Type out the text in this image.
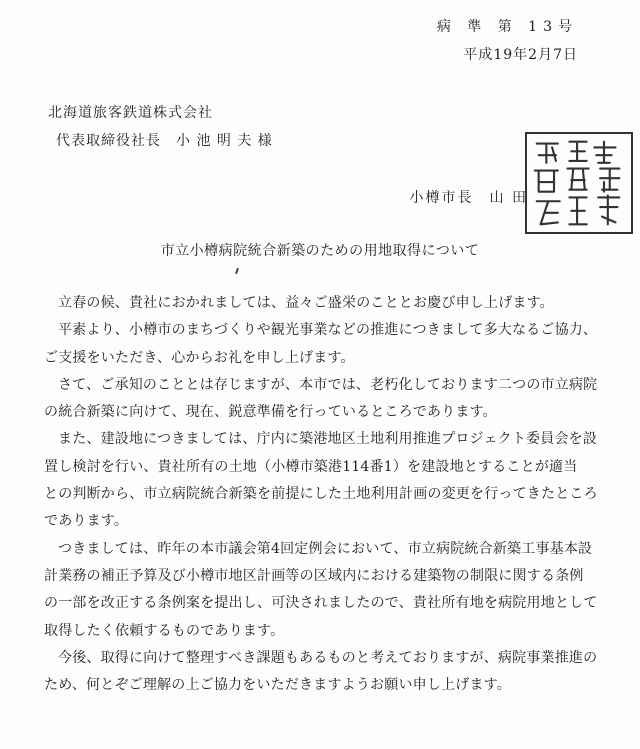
病 準 第 13号
平成19年2月7日
北海道旅客鉄道株式会社
代表取締役社長　小 池 明 夫 様
小樽市長　山 田
市立小樽病院統合新築のための用地取得について

立春の候、貴社におかれましては、益々ご盛栄のこととお慶び申し上げます。

平素より、小樽市のまちづくりや観光事業などの推進につきまして多大なるご協力、
ご支援をいただき、心からお礼を申し上げます。

さて、ご承知のこととは存じますが、本市では、老朽化しております二つの市立病院
の統合新築に向けて、現在、鋭意準備を行っているところであります。

また、建設地につきましては、庁内に築港地区土地利用推進プロジェクト委員会を設
置し検討を行い、貴社所有の土地（小樽市築港114番1）を建設地とすることが適当
との判断から、市立病院統合新築を前提にした土地利用計画の変更を行ってきたところ
であります。

つきましては、昨年の本市議会第4回定例会において、市立病院統合新築工事基本設
計業務の補正予算及び小樽市地区計画等の区域内における建築物の制限に関する条例
の一部を改正する条例案を提出し、可決されましたので、貴社所有地を病院用地として
取得したく依頼するものであります。

今後、取得に向けて整理すべき課題もあるものと考えておりますが、病院事業推進の
ため、何とぞご理解の上ご協力をいただきますようお願い申し上げます。
